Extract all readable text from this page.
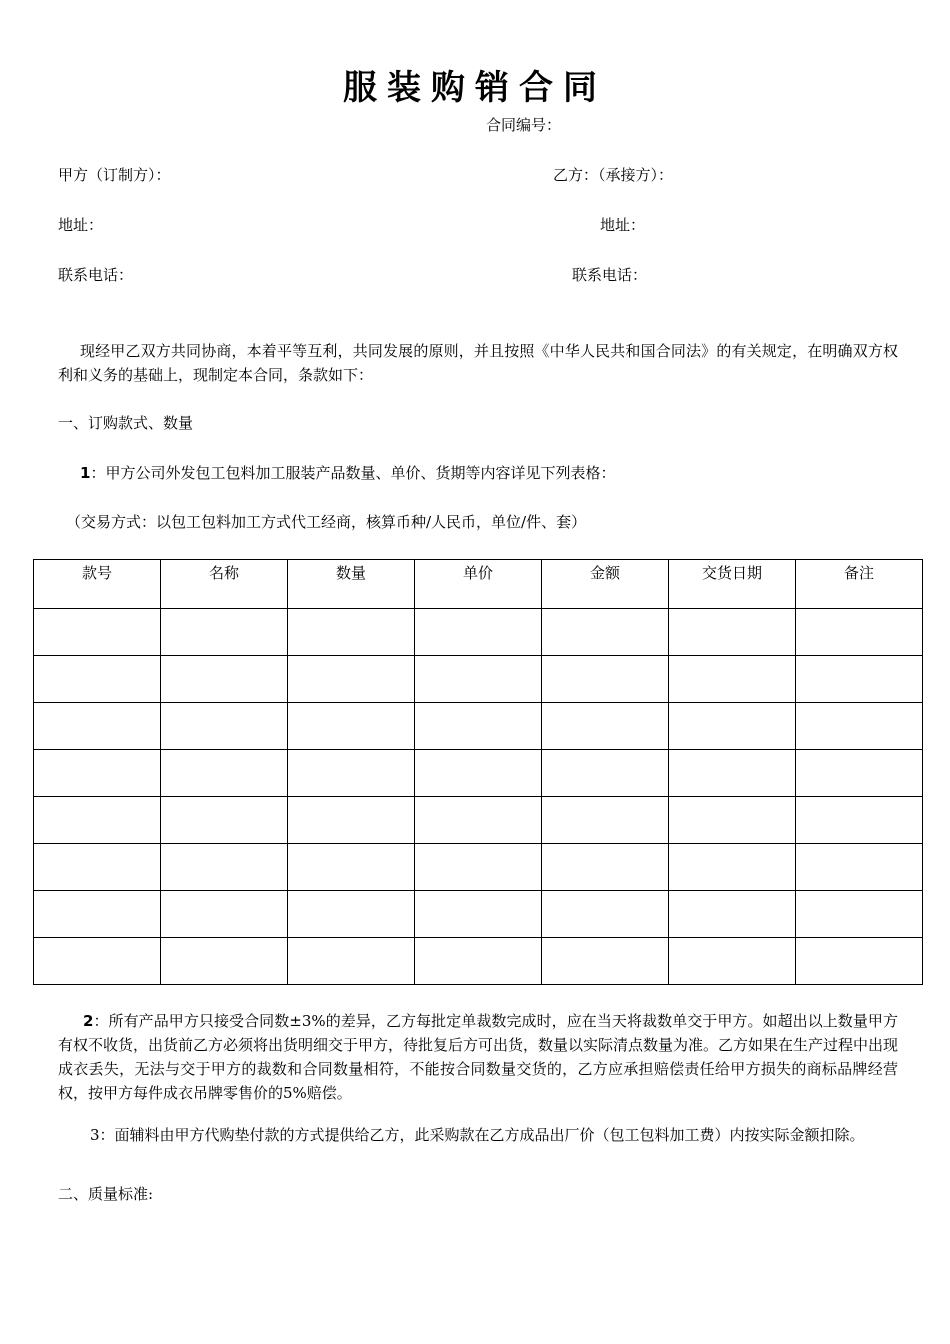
服装购销合同
合同编号：
甲方（订制方）：	乙方：（承接方）：
地址：	地址：
联系电话：	联系电话：
现经甲乙双方共同协商，本着平等互利，共同发展的原则，并且按照《中华人民共和国合同法》的有关规定，在明确双方权利和义务的基础上，现制定本合同，条款如下：
一、订购款式、数量
1：甲方公司外发包工包料加工服装产品数量、单价、货期等内容详见下列表格：
（交易方式：以包工包料加工方式代工经商，核算币种/人民币，单位/件、套）
款号	名称	数量	单价	金额	交货日期	备注

2：所有产品甲方只接受合同数±3%的差异，乙方每批定单裁数完成时，应在当天将裁数单交于甲方。如超出以上数量甲方有权不收货，出货前乙方必须将出货明细交于甲方，待批复后方可出货，数量以实际清点数量为准。乙方如果在生产过程中出现成衣丢失，无法与交于甲方的裁数和合同数量相符，不能按合同数量交货的，乙方应承担赔偿责任给甲方损失的商标品牌经营权，按甲方每件成衣吊牌零售价的5%赔偿。
3：面辅料由甲方代购垫付款的方式提供给乙方，此采购款在乙方成品出厂价（包工包料加工费）内按实际金额扣除。
二、质量标准:
